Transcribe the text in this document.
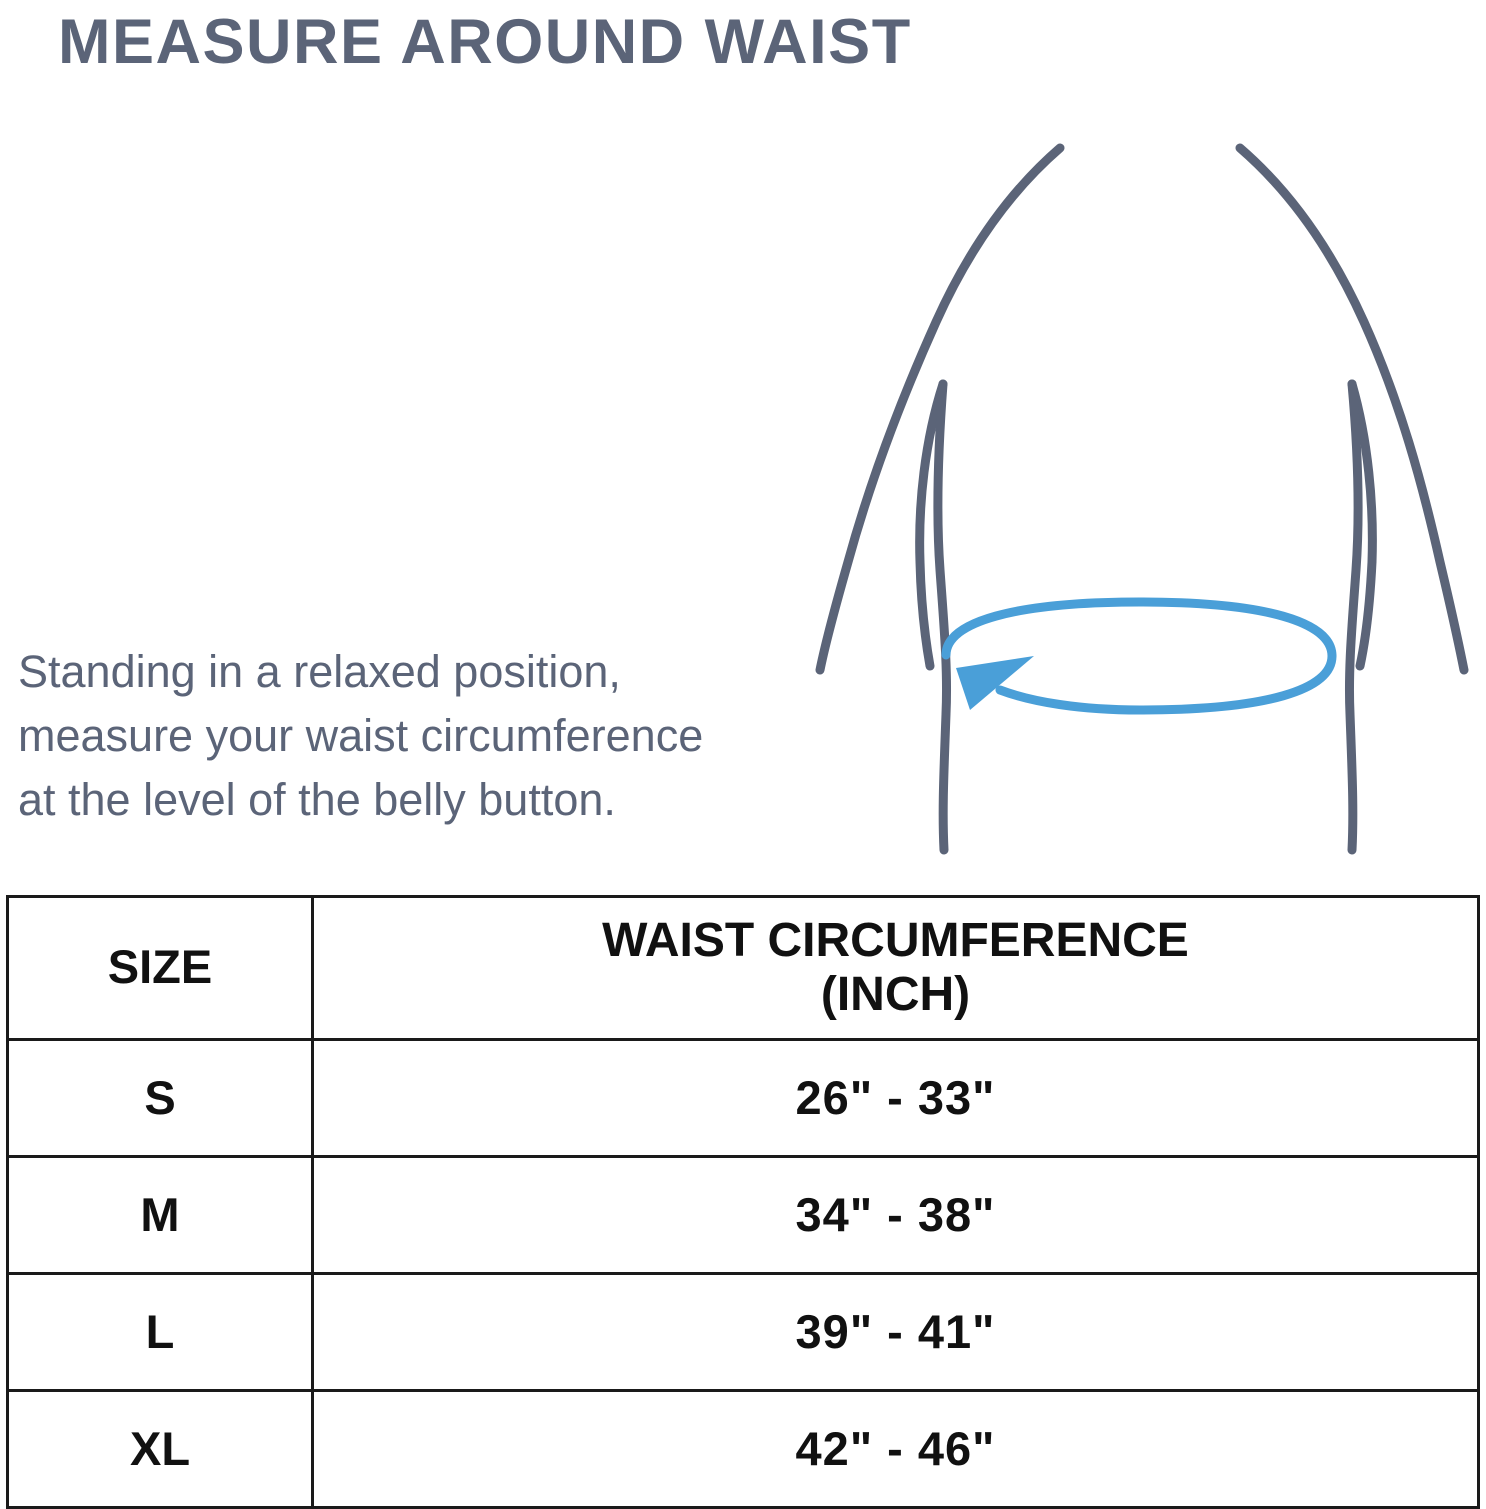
MEASURE AROUND WAIST
Standing in a relaxed position,
measure your waist circumference
at the level of the belly button.
SIZE	WAIST CIRCUMFERENCE
(INCH)
S	26" - 33"
M	34" - 38"
L	39" - 41"
XL	42" - 46"
